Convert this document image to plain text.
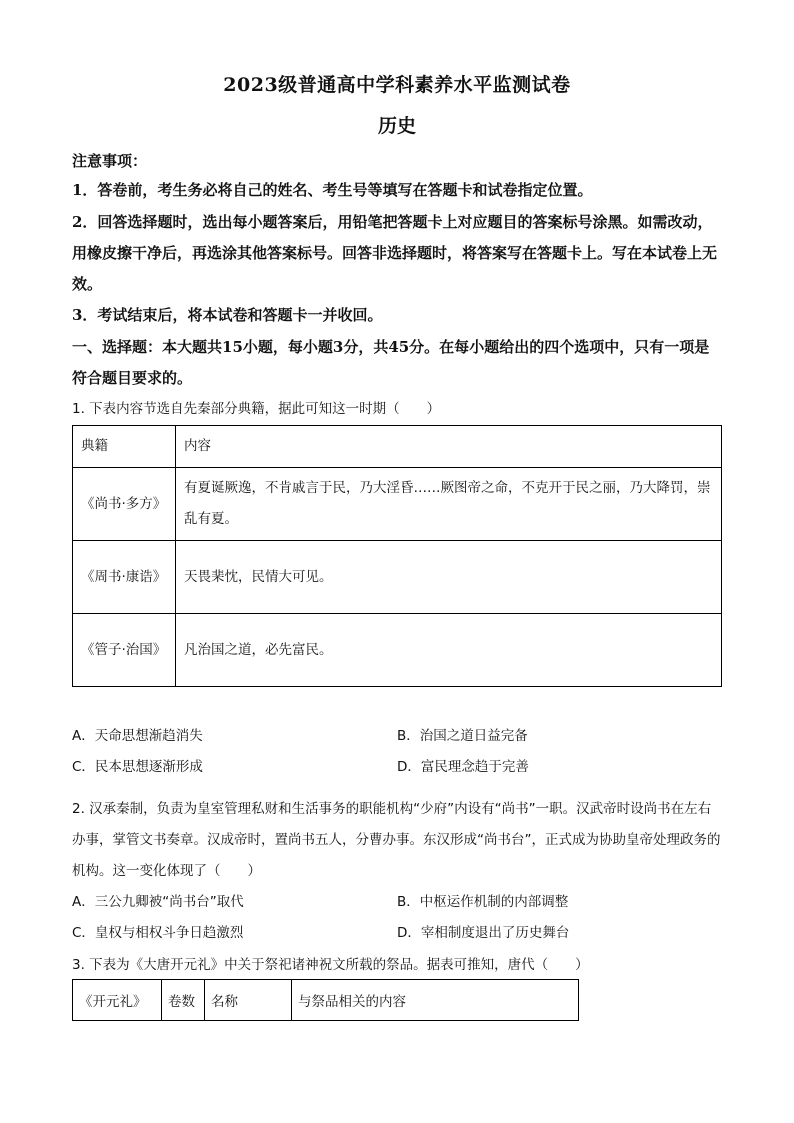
2023级普通高中学科素养水平监测试卷
历史
注意事项：
1．答卷前，考生务必将自己的姓名、考生号等填写在答题卡和试卷指定位置。
2．回答选择题时，选出每小题答案后，用铅笔把答题卡上对应题目的答案标号涂黑。如需改动，用橡皮擦干净后，再选涂其他答案标号。回答非选择题时，将答案写在答题卡上。写在本试卷上无效。
3．考试结束后，将本试卷和答题卡一并收回。
一、选择题：本大题共15小题，每小题3分，共45分。在每小题给出的四个选项中，只有一项是符合题目要求的。
1. 下表内容节选自先秦部分典籍，据此可知这一时期（　　）
典籍	内容
《尚书·多方》	有夏诞厥逸，不肯戚言于民，乃大淫昏……厥图帝之命，不克开于民之丽，乃大降罚，崇乱有夏。
《周书·康诰》	天畏棐忱，民情大可见。
《管子·治国》	凡治国之道，必先富民。
A．天命思想渐趋消失	B．治国之道日益完备
C．民本思想逐渐形成	D．富民理念趋于完善
2. 汉承秦制，负责为皇室管理私财和生活事务的职能机构“少府”内设有“尚书”一职。汉武帝时设尚书在左右办事，掌管文书奏章。汉成帝时，置尚书五人，分曹办事。东汉形成“尚书台”，正式成为协助皇帝处理政务的机构。这一变化体现了（　　）
A．三公九卿被“尚书台”取代	B．中枢运作机制的内部调整
C．皇权与相权斗争日趋激烈	D．宰相制度退出了历史舞台
3. 下表为《大唐开元礼》中关于祭祀诸神祝文所载的祭品。据表可推知，唐代（　　）
《开元礼》	卷数	名称	与祭品相关的内容
